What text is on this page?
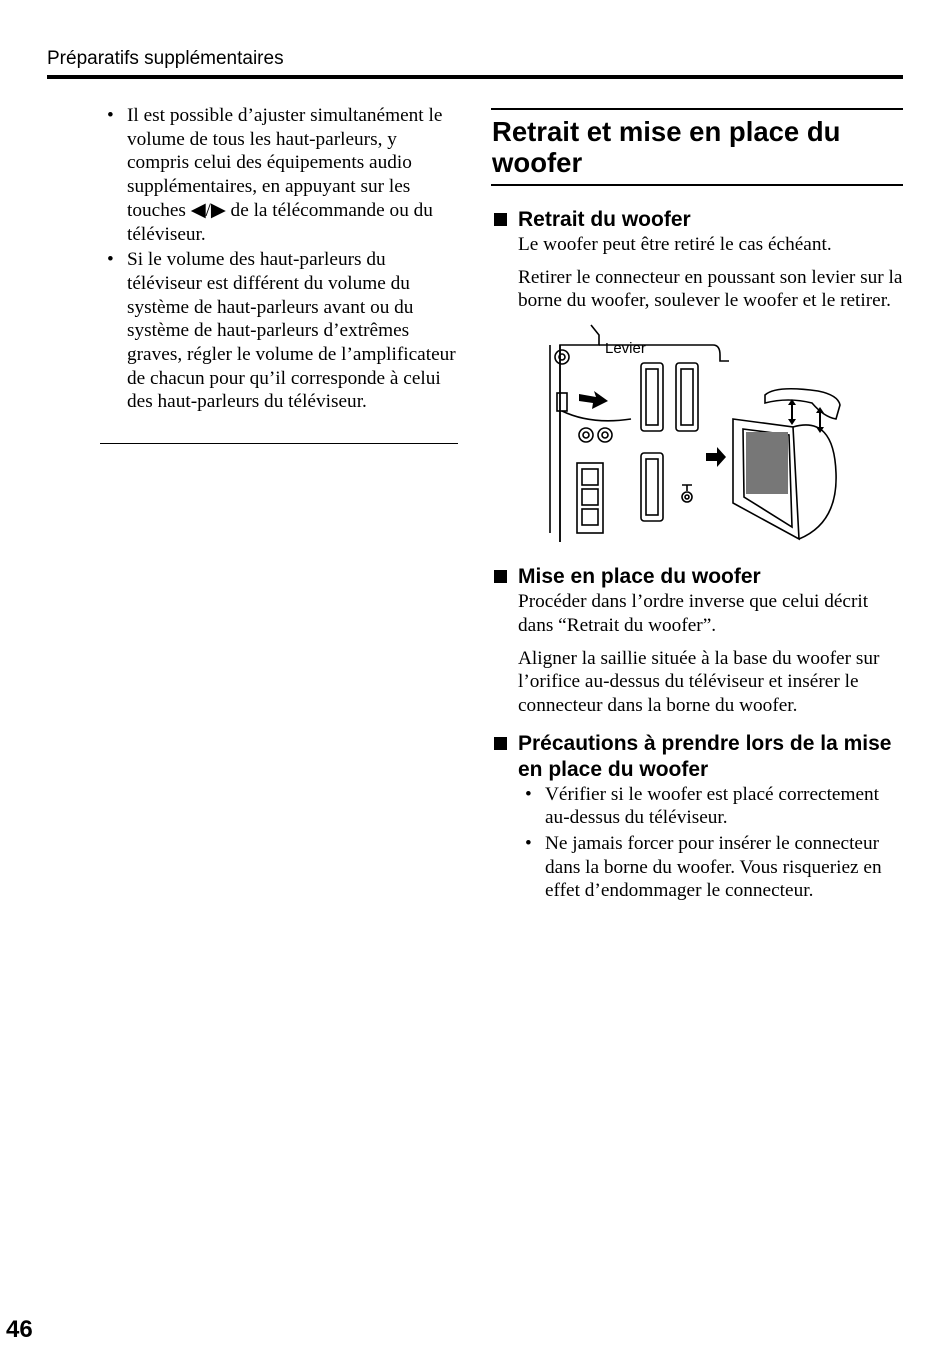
Préparatifs supplémentaires
• Il est possible d’ajuster simultanément le volume de tous les haut-parleurs, y compris celui des équipements audio supplémentaires, en appuyant sur les touches ◀/▶ de la télécommande ou du téléviseur.
• Si le volume des haut-parleurs du téléviseur est différent du volume du système de haut-parleurs avant ou du système de haut-parleurs d’extrêmes graves, régler le volume de l’amplificateur de chacun pour qu’il corresponde à celui des haut-parleurs du téléviseur.
Retrait et mise en place du woofer
Retrait du woofer

Le woofer peut être retiré le cas échéant.

Retirer le connecteur en poussant son levier sur la borne du woofer, soulever le woofer et le retirer.

Levier
Mise en place du woofer

Procéder dans l’ordre inverse que celui décrit dans “Retrait du woofer”.

Aligner la saillie située à la base du woofer sur l’orifice au-dessus du téléviseur et insérer le connecteur dans la borne du woofer.

Précautions à prendre lors de la mise en place du woofer
• Vérifier si le woofer est placé correctement au-dessus du téléviseur.
• Ne jamais forcer pour insérer le connecteur dans la borne du woofer. Vous risqueriez en effet d’endommager le connecteur.
46
